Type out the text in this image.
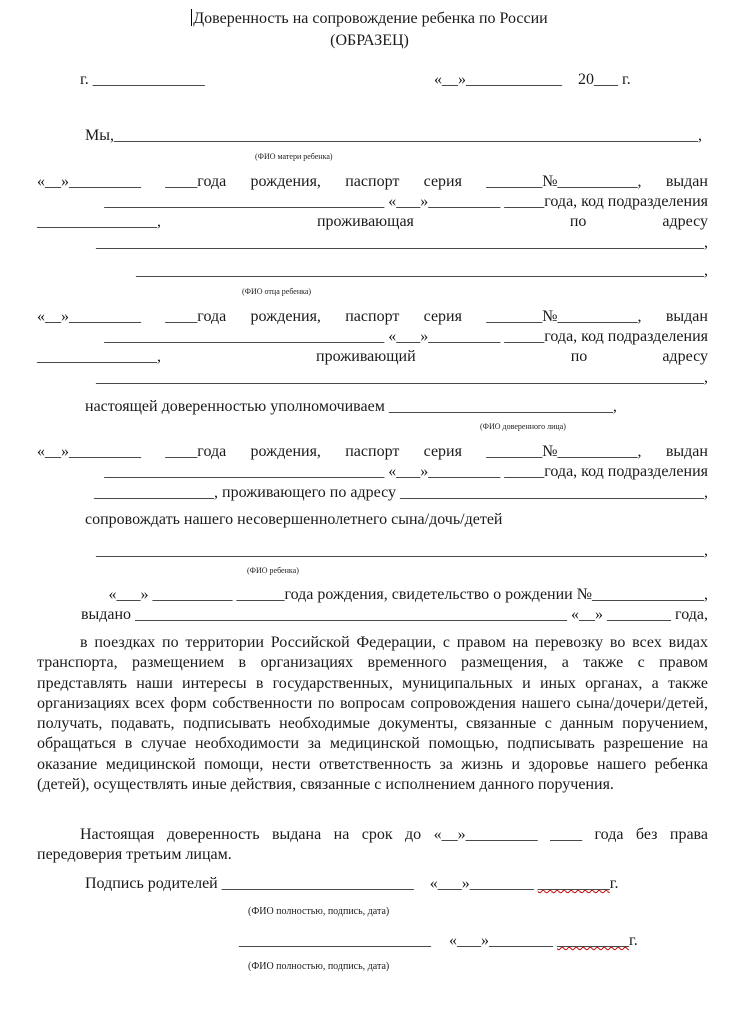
Доверенность на сопровождение ребенка по России
(ОБРАЗЕЦ)
г. ______________	«__»____________ 20___ г.
Мы,_________________________________________________________________________,
(ФИО матери ребенка)
«__»_________ ____года рождения, паспорт серия _______№__________, выдан
___________________________________ «___»_________ _____года, код подразделения
_______________,	проживающая	по	адресу
____________________________________________________________________________,
_______________________________________________________________________,
(ФИО отца ребенка)
«__»_________ ____года рождения, паспорт серия _______№__________, выдан
___________________________________ «___»_________ _____года, код подразделения
_______________,	проживающий	по	адресу
____________________________________________________________________________,
настоящей доверенностью уполномочиваем ____________________________,
(ФИО доверенного лица)
«__»_________ ____года рождения, паспорт серия _______№__________, выдан
___________________________________ «___»_________ _____года, код подразделения
_______________, проживающего по адресу ______________________________________,
сопровождать нашего несовершеннолетнего сына/дочь/детей
____________________________________________________________________________,
(ФИО ребенка)
«___» __________ ______года рождения, свидетельство о рождении №______________,
выдано ______________________________________________________ «__» ________ года,
в поездках по территории Российской Федерации, с правом на перевозку во всех видах транспорта, размещением в организациях временного размещения, а также с правом представлять наши интересы в государственных, муниципальных и иных органах, а также организациях всех форм собственности по вопросам сопровождения нашего сына/дочери/детей, получать, подавать, подписывать необходимые документы, связанные с данным поручением, обращаться в случае необходимости за медицинской помощью, подписывать разрешение на оказание медицинской помощи, нести ответственность за жизнь и здоровье нашего ребенка (детей), осуществлять иные действия, связанные с исполнением данного поручения.
Настоящая доверенность выдана на срок до «__»_________ ____ года без права передоверия третьим лицам.
Подпись родителей ________________________ «___»________ _________г.
(ФИО полностью, подпись, дата)
________________________ «___»________ _________г.
(ФИО полностью, подпись, дата)
